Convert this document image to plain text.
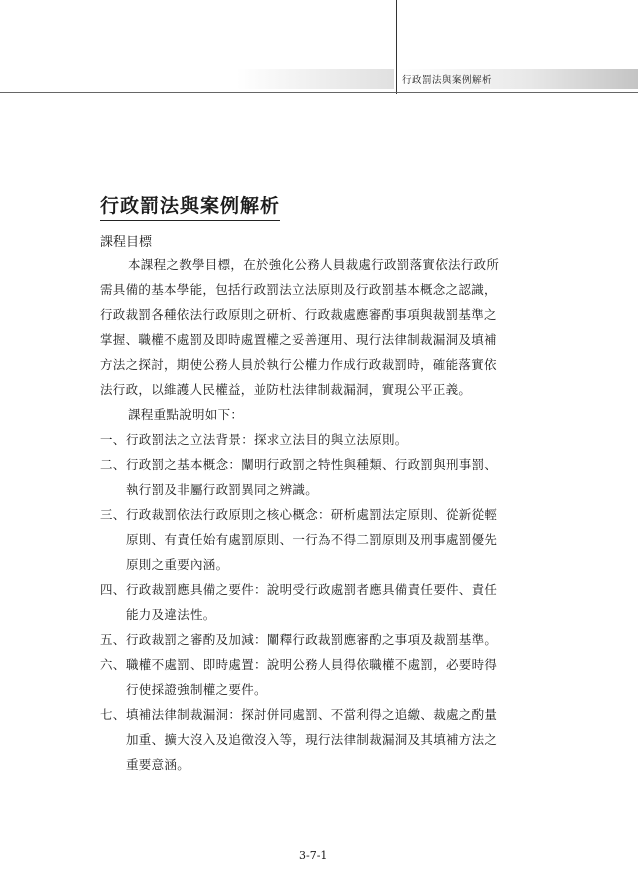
行政罰法與案例解析
行政罰法與案例解析
課程目標
本課程之教學目標，在於強化公務人員裁處行政罰落實依法行政所
需具備的基本學能，包括行政罰法立法原則及行政罰基本概念之認識，
行政裁罰各種依法行政原則之研析、行政裁處應審酌事項與裁罰基準之
掌握、職權不處罰及即時處置權之妥善運用、現行法律制裁漏洞及填補
方法之探討，期使公務人員於執行公權力作成行政裁罰時，確能落實依
法行政，以維護人民權益，並防杜法律制裁漏洞，實現公平正義。
課程重點說明如下：
一、 行政罰法之立法背景：探求立法目的與立法原則。
二、 行政罰之基本概念：闡明行政罰之特性與種類、行政罰與刑事罰、
執行罰及非屬行政罰異同之辨識。
三、 行政裁罰依法行政原則之核心概念：研析處罰法定原則、從新從輕
原則、有責任始有處罰原則、一行為不得二罰原則及刑事處罰優先
原則之重要內涵。
四、 行政裁罰應具備之要件：說明受行政處罰者應具備責任要件、責任
能力及違法性。
五、 行政裁罰之審酌及加減：闡釋行政裁罰應審酌之事項及裁罰基準。
六、 職權不處罰、即時處置：說明公務人員得依職權不處罰，必要時得
行使採證強制權之要件。
七、 填補法律制裁漏洞：探討併同處罰、不當利得之追繳、裁處之酌量
加重、擴大沒入及追徵沒入等，現行法律制裁漏洞及其填補方法之
重要意涵。
3-7-1
